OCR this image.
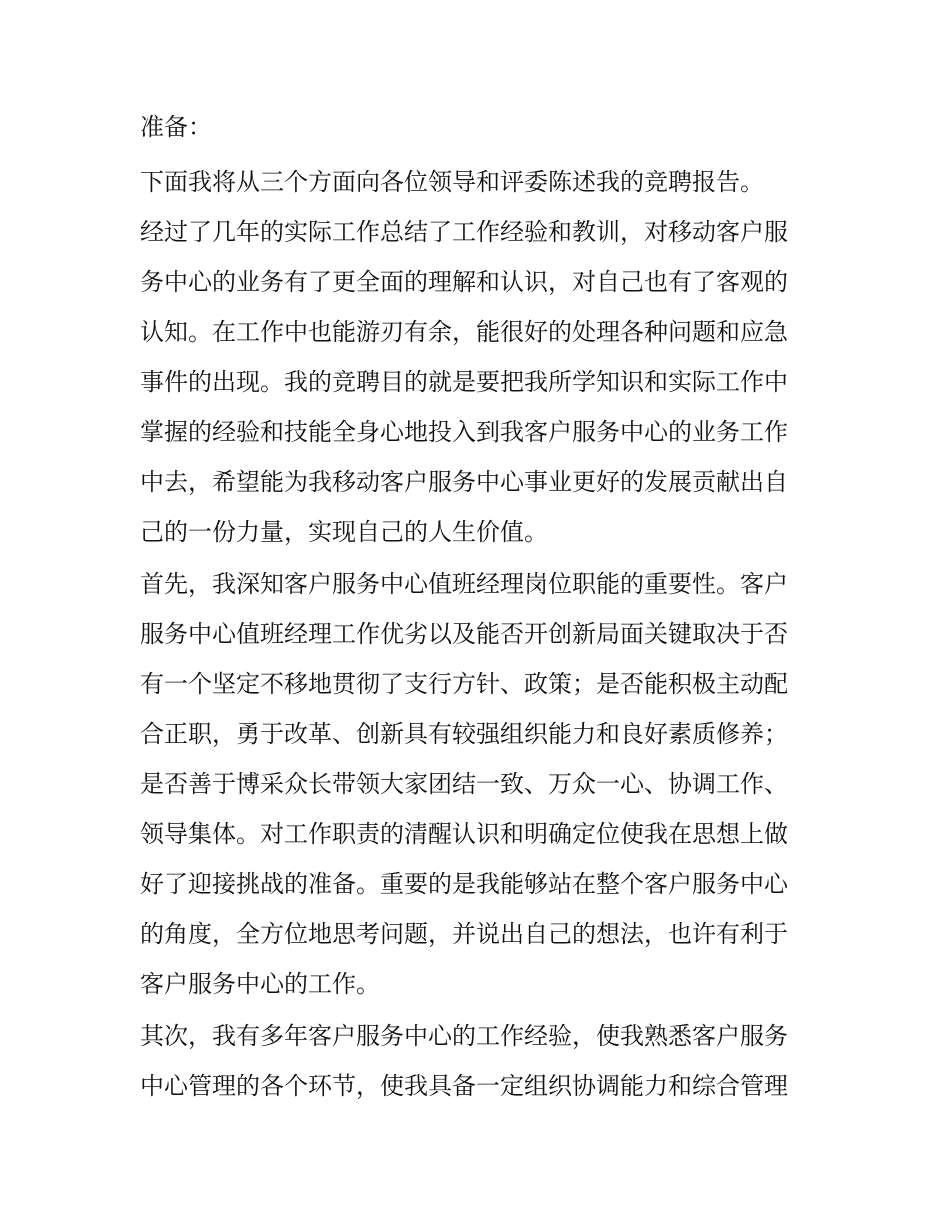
准备：
下面我将从三个方面向各位领导和评委陈述我的竞聘报告。
经过了几年的实际工作总结了工作经验和教训，对移动客户服
务中心的业务有了更全面的理解和认识，对自己也有了客观的
认知。在工作中也能游刃有余，能很好的处理各种问题和应急
事件的出现。我的竞聘目的就是要把我所学知识和实际工作中
掌握的经验和技能全身心地投入到我客户服务中心的业务工作
中去，希望能为我移动客户服务中心事业更好的发展贡献出自
己的一份力量，实现自己的人生价值。
首先，我深知客户服务中心值班经理岗位职能的重要性。客户
服务中心值班经理工作优劣以及能否开创新局面关键取决于否
有一个坚定不移地贯彻了支行方针、政策；是否能积极主动配
合正职，勇于改革、创新具有较强组织能力和良好素质修养；
是否善于博采众长带领大家团结一致、万众一心、协调工作、
领导集体。对工作职责的清醒认识和明确定位使我在思想上做
好了迎接挑战的准备。重要的是我能够站在整个客户服务中心
的角度，全方位地思考问题，并说出自己的想法，也许有利于
客户服务中心的工作。
其次，我有多年客户服务中心的工作经验，使我熟悉客户服务
中心管理的各个环节，使我具备一定组织协调能力和综合管理
